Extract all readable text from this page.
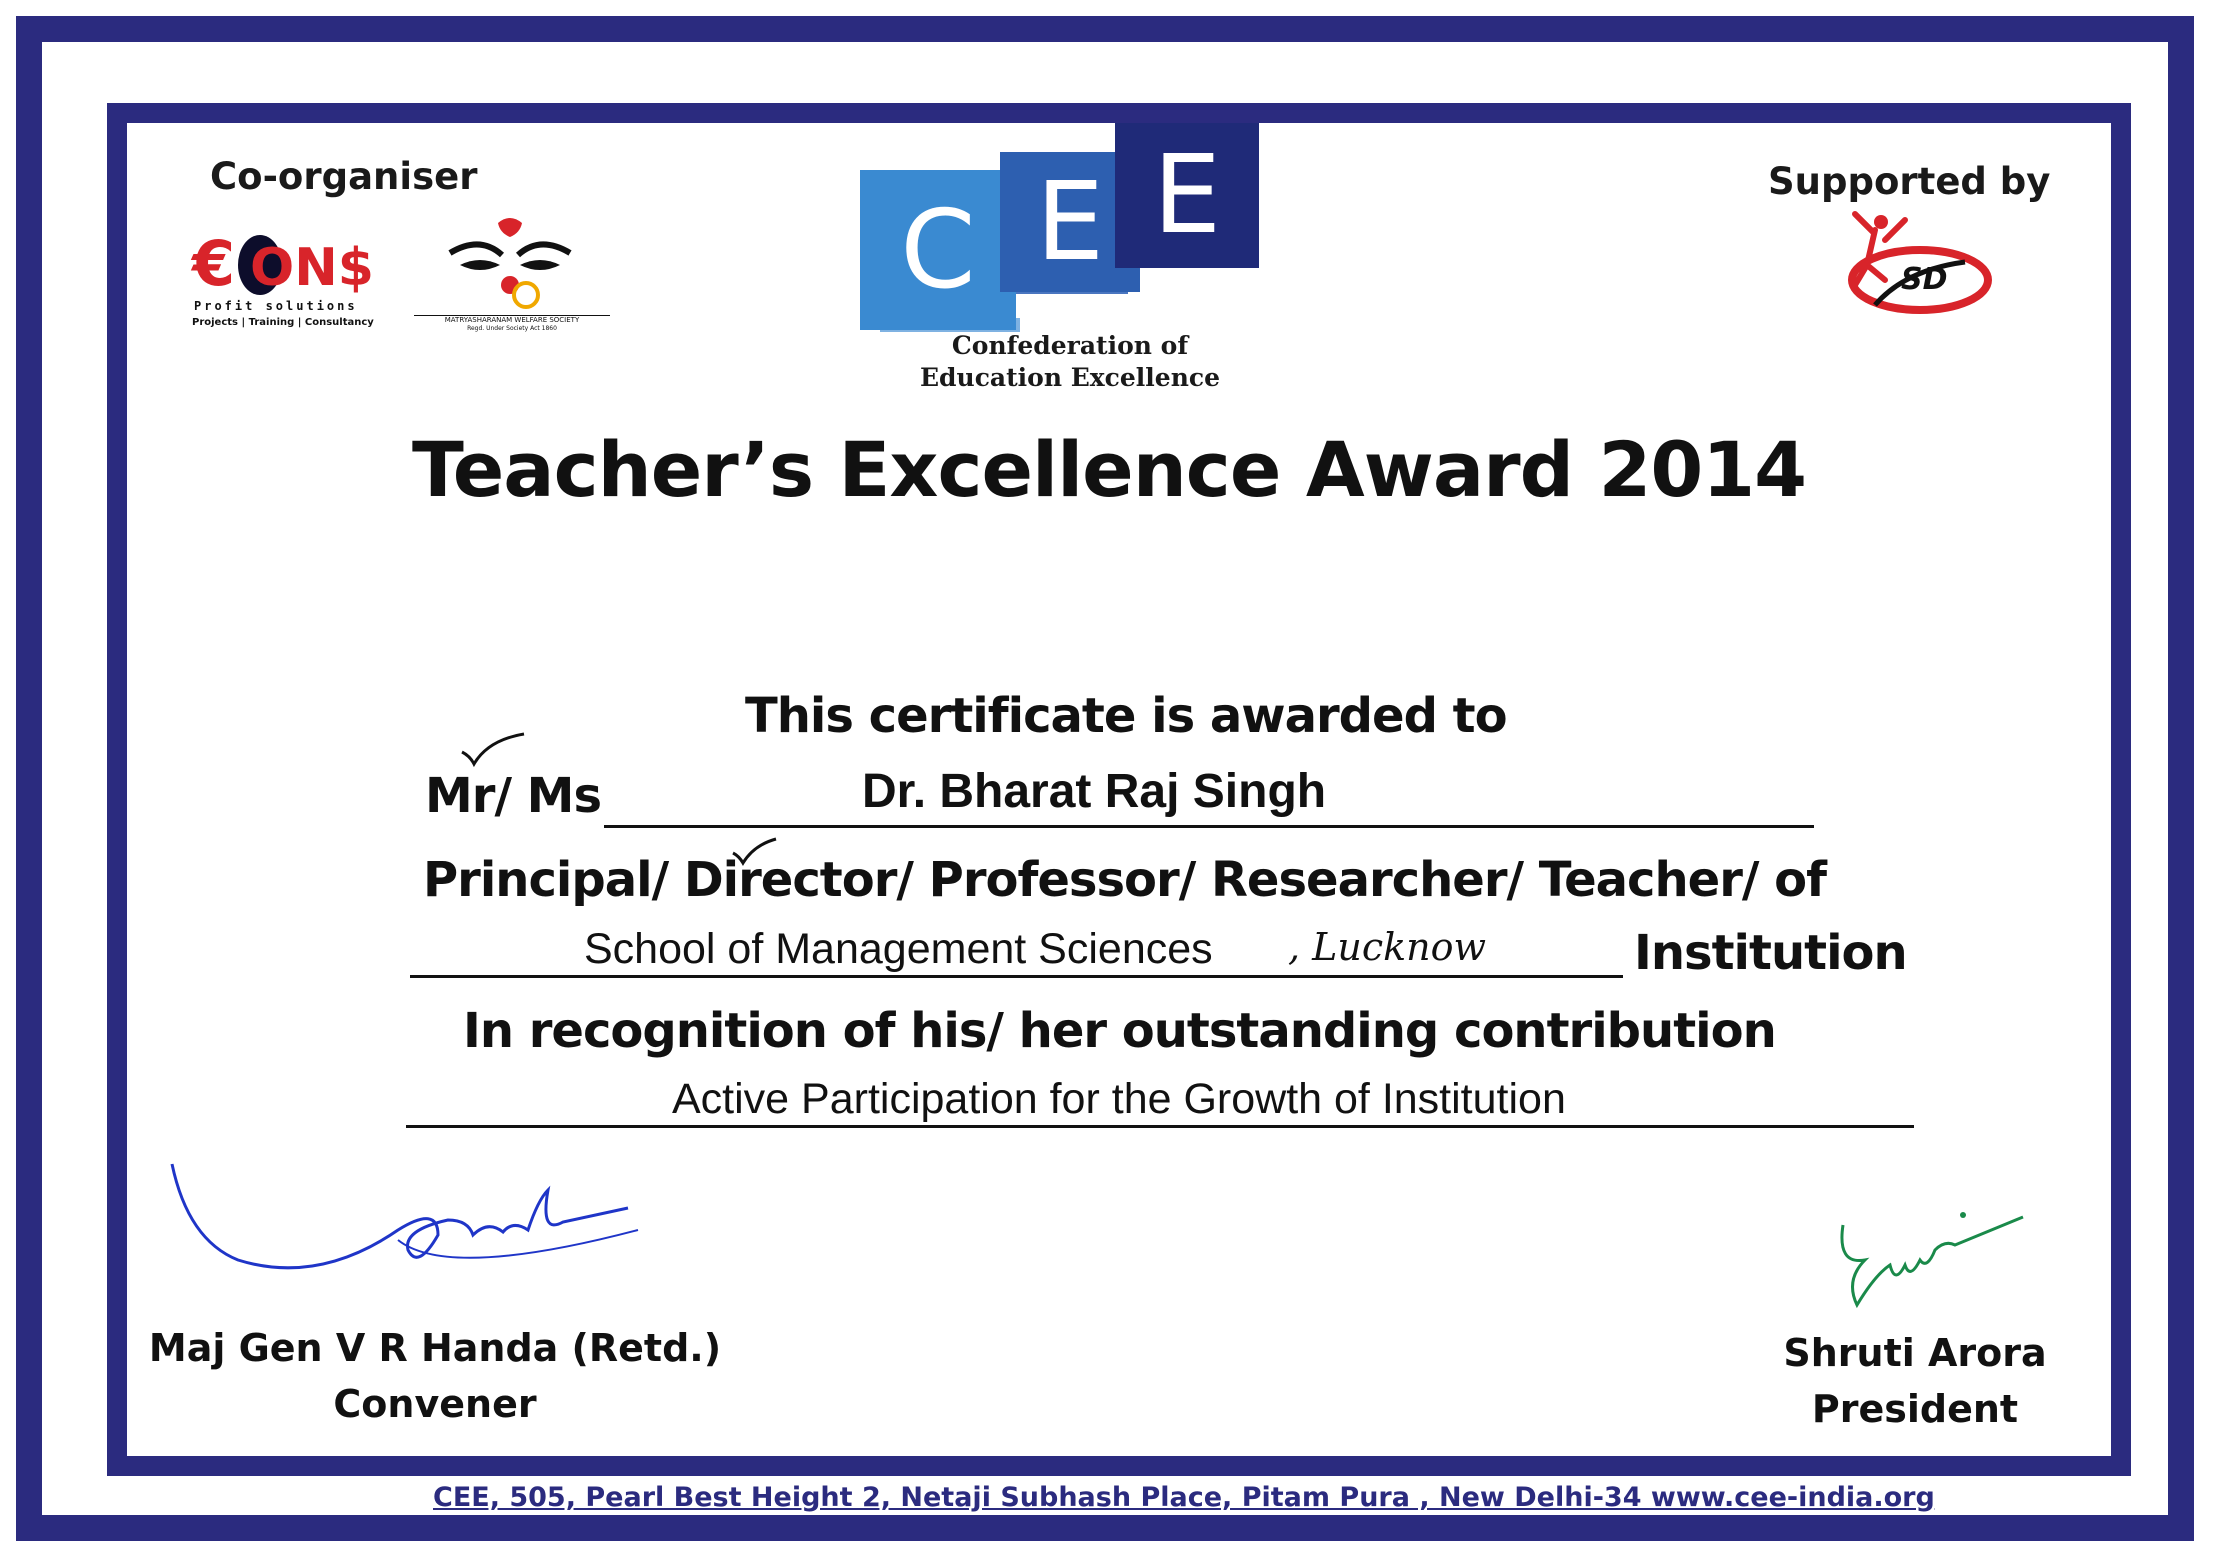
Co-organiser
€ ON$
Profit solutions
Projects | Training | Consultancy	MATRYASHARANAM WELFARE SOCIETY
Regd. Under Society Act 1860
C E E
Confederation of
Education Excellence
Supported by
SD
Teacher’s Excellence Award 2014
This certificate is awarded to
Mr/ Ms	Dr. Bharat Raj Singh
Principal/ Director/ Professor/ Researcher/ Teacher/ of
School of Management Sciences , Lucknow	Institution
In recognition of his/ her outstanding contribution
Active Participation for the Growth of Institution
Maj Gen V R Handa (Retd.)
Convener
Shruti Arora
President
CEE, 505, Pearl Best Height 2, Netaji Subhash Place, Pitam Pura , New Delhi-34 www.cee-india.org
